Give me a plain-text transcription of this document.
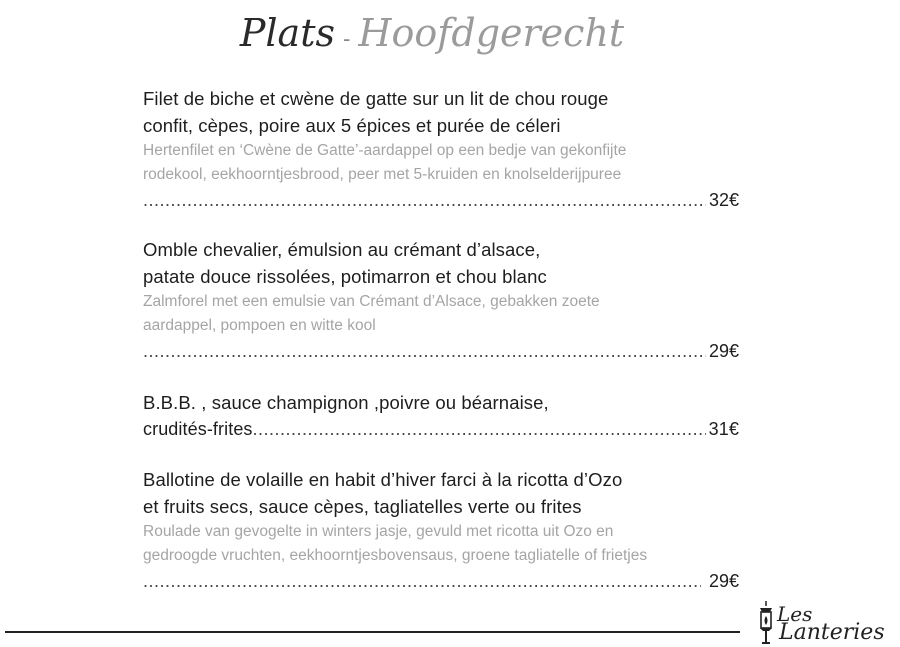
Plats - Hoofdgerecht
Filet de biche et cwène de gatte sur un lit de chou rouge
confit, cèpes, poire aux 5 épices et purée de céleri
Hertenfilet en ‘Cwène de Gatte’-aardappel op een bedje van gekonfijte
rodekool, eekhoorntjesbrood, peer met 5-kruiden en knolselderijpuree
.....
32€
Omble chevalier, émulsion au crémant d’alsace,
patate douce rissolées, potimarron et chou blanc
Zalmforel met een emulsie van Crémant d’Alsace, gebakken zoete
aardappel, pompoen en witte kool
.....
29€
B.B.B. , sauce champignon ,poivre ou béarnaise,
crudités-frites
.....	31€
Ballotine de volaille en habit d’hiver farci à la ricotta d’Ozo
et fruits secs, sauce cèpes, tagliatelles verte ou frites
Roulade van gevogelte in winters jasje, gevuld met ricotta uit Ozo en
gedroogde vruchten, eekhoorntjesbovensaus, groene tagliatelle of frietjes
.....
29€
Les
Lanteries
